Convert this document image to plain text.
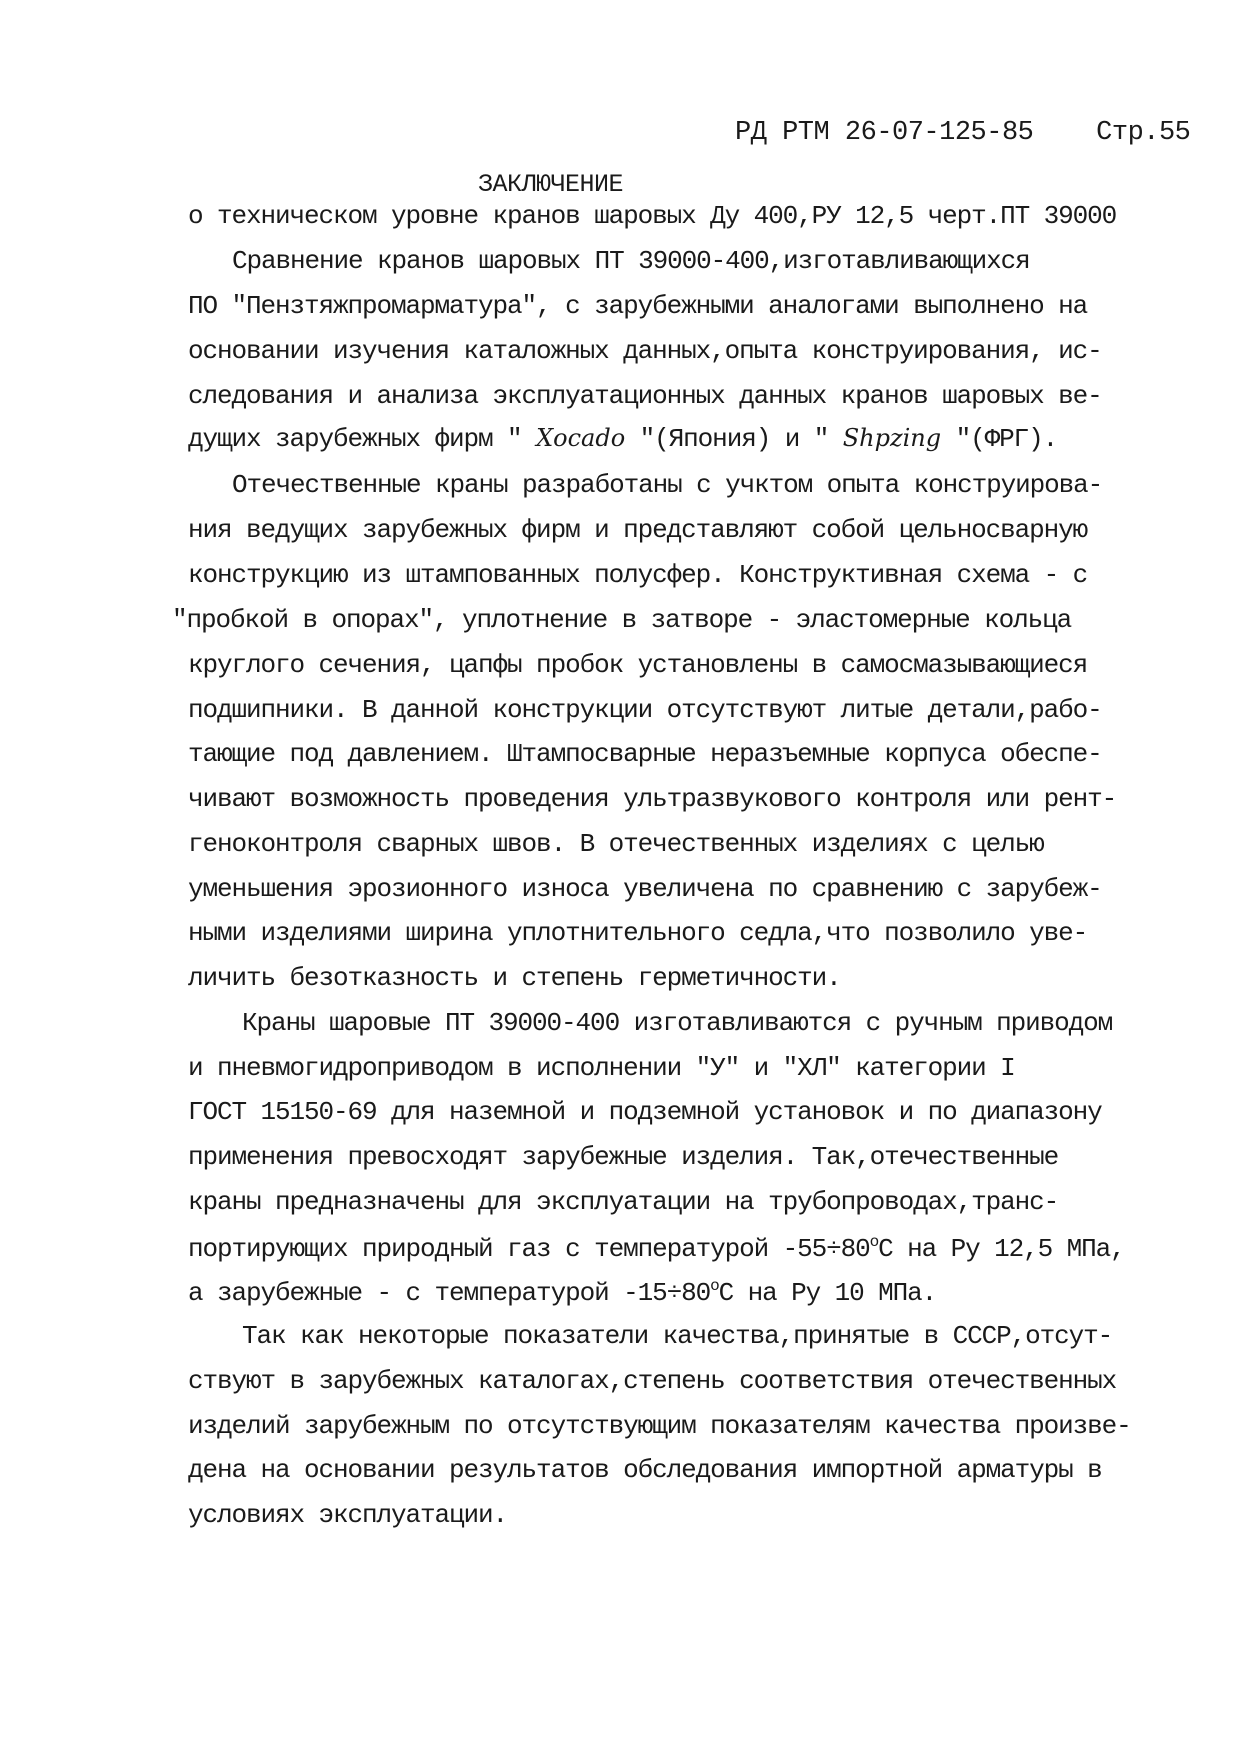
РД РТМ 26-07-125-85 Стр.55
ЗАКЛЮЧЕНИЕ
о техническом уровне кранов шаровых Ду 400,РУ 12,5 черт.ПТ 39000
Сравнение кранов шаровых ПТ 39000-400,изготавливающихся
ПО "Пензтяжпромарматура", с зарубежными аналогами выполнено на
основании изучения каталожных данных,опыта конструирования, ис-
следования и анализа эксплуатационных данных кранов шаровых ве-
дущих зарубежных фирм " Xocado "(Япония) и " Shpzing "(ФРГ).
Отечественные краны разработаны с учктом опыта конструирова-
ния ведущих зарубежных фирм и представляют собой цельносварную
конструкцию из штампованных полусфер. Конструктивная схема - с
"пробкой в опорах", уплотнение в затворе - эластомерные кольца
круглого сечения, цапфы пробок установлены в самосмазывающиеся
подшипники. В данной конструкции отсутствуют литые детали,рабо-
тающие под давлением. Штампосварные неразъемные корпуса обеспе-
чивают возможность проведения ультразвукового контроля или рент-
геноконтроля сварных швов. В отечественных изделиях с целью
уменьшения эрозионного износа увеличена по сравнению с зарубеж-
ными изделиями ширина уплотнительного седла,что позволило уве-
личить безотказность и степень герметичности.
Краны шаровые ПТ 39000-400 изготавливаются с ручным приводом
и пневмогидроприводом в исполнении "У" и "ХЛ" категории I
ГОСТ 15150-69 для наземной и подземной установок и по диапазону
применения превосходят зарубежные изделия. Так,отечественные
краны предназначены для эксплуатации на трубопроводах,транс-
портирующих природный газ с температурой $-55\div 80^оС$ на Ру 12,5 МПа,
а зарубежные - с температурой $-15\div 80^оС$ на Ру 10 МПа.
Так как некоторые показатели качества,принятые в СССР,отсут-
ствуют в зарубежных каталогах,степень соответствия отечественных
изделий зарубежным по отсутствующим показателям качества произве-
дена на основании результатов обследования импортной арматуры в
условиях эксплуатации.
